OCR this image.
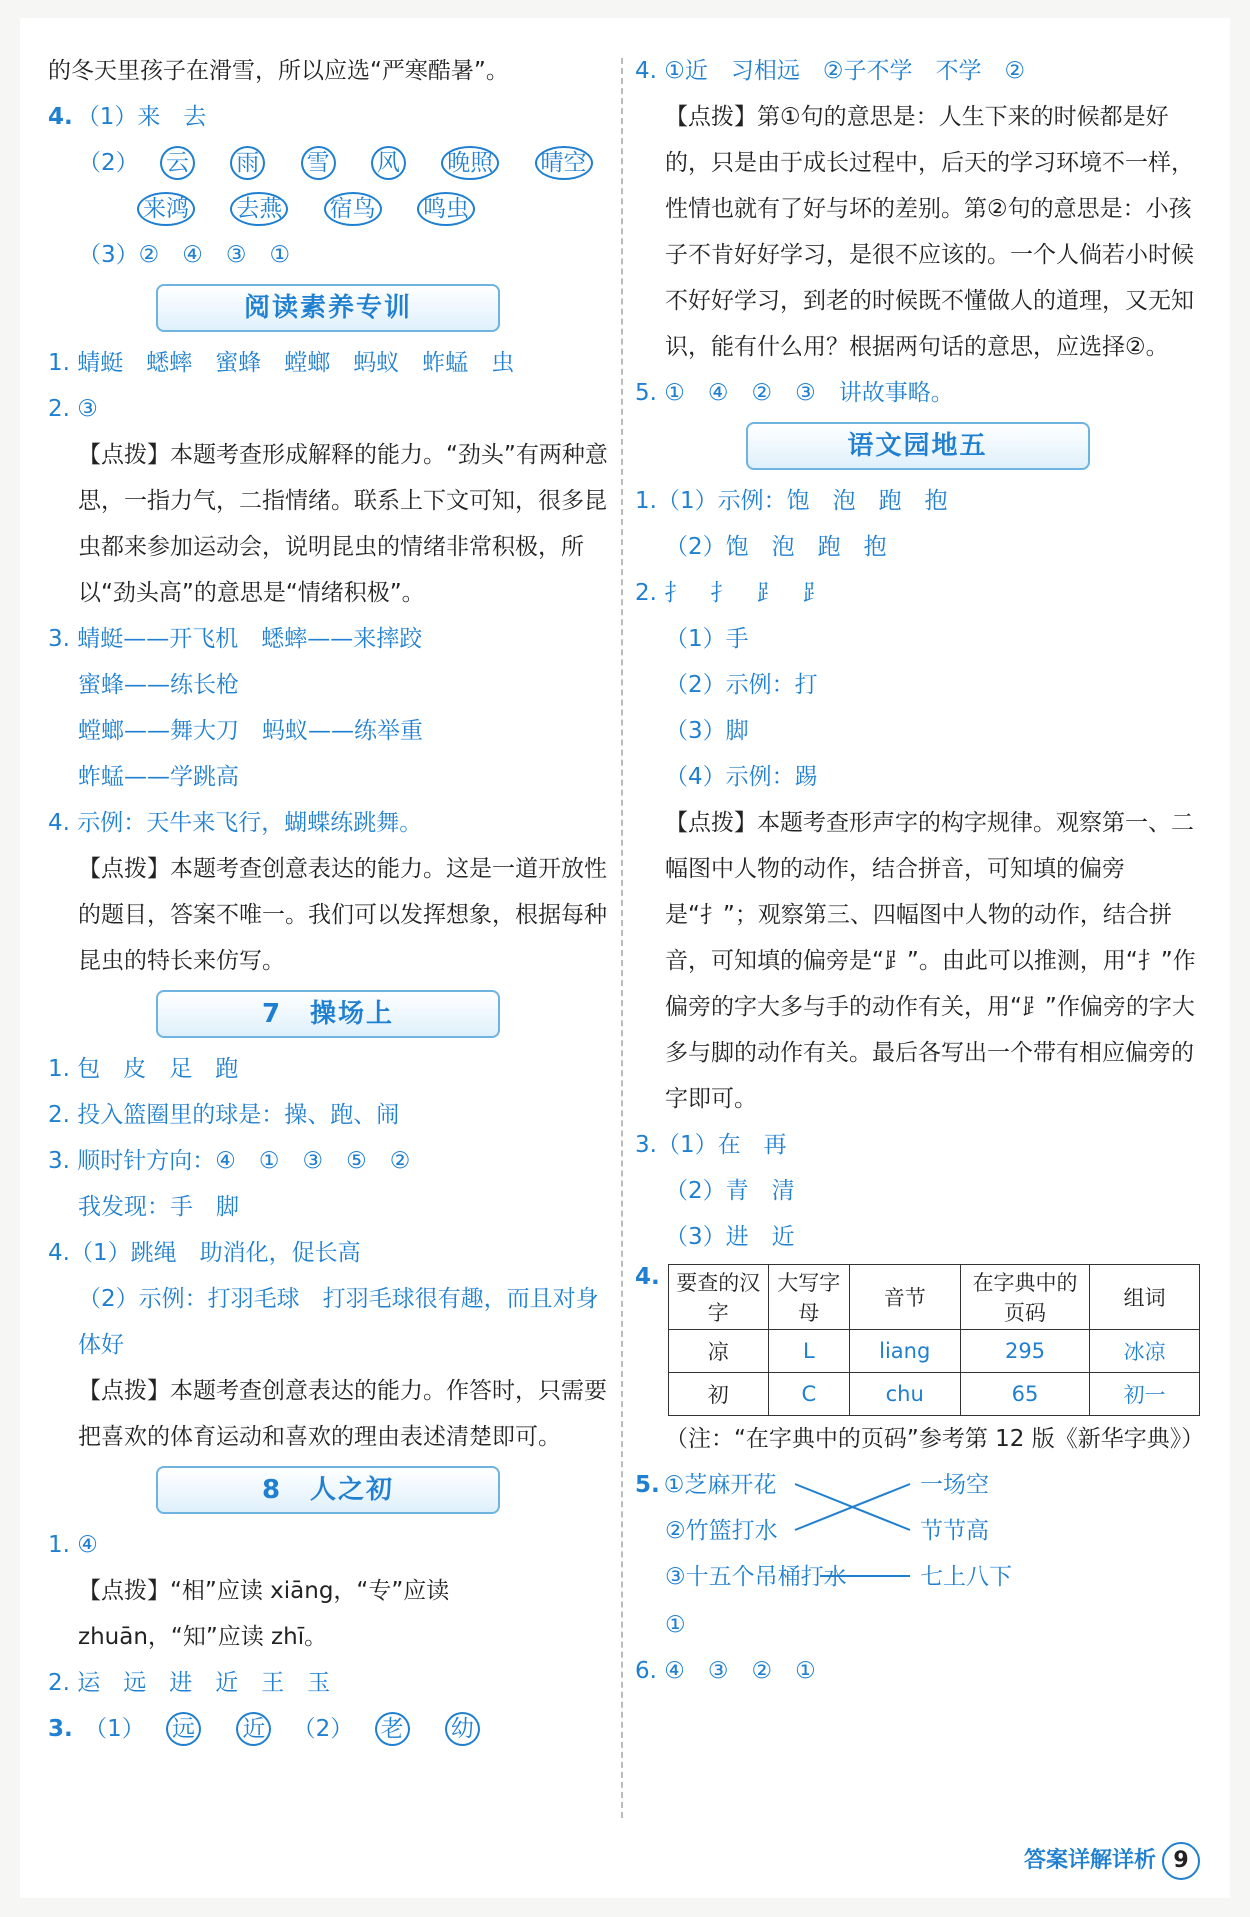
的冬天里孩子在滑雪，所以应选“严寒酷暑”。
4. （1）来　去
（2） 云 雨 雪 风 晚照 晴空
来鸿 去燕 宿鸟 鸣虫
（3）②　④　③　①
阅读素养专训
1. 蜻蜓　蟋蟀　蜜蜂　螳螂　蚂蚁　蚱蜢　虫
2. ③
【点拨】本题考查形成解释的能力。“劲头”有两种意思，一指力气，二指情绪。联系上下文可知，很多昆虫都来参加运动会，说明昆虫的情绪非常积极，所以“劲头高”的意思是“情绪积极”。
3. 蜻蜓——开飞机　蟋蟀——来摔跤
蜜蜂——练长枪
螳螂——舞大刀　蚂蚁——练举重
蚱蜢——学跳高
4. 示例：天牛来飞行，蝴蝶练跳舞。
【点拨】本题考查创意表达的能力。这是一道开放性的题目，答案不唯一。我们可以发挥想象，根据每种昆虫的特长来仿写。
7　操场上
1. 包　皮　足　跑
2. 投入篮圈里的球是：操、跑、闹
3. 顺时针方向：④　①　③　⑤　②
我发现：手　脚
4.（1）跳绳　助消化，促长高
（2）示例：打羽毛球　打羽毛球很有趣，而且对身体好
【点拨】本题考查创意表达的能力。作答时，只需要把喜欢的体育运动和喜欢的理由表述清楚即可。
8　人之初
1. ④
【点拨】“相”应读 xiāng，“专”应读 zhuān，“知”应读 zhī。
2. 运　远　进　近　王　玉
3. （1） 远 近 （2） 老 幼
4. ①近　习相远　②子不学　不学　②
【点拨】第①句的意思是：人生下来的时候都是好的，只是由于成长过程中，后天的学习环境不一样，性情也就有了好与坏的差别。第②句的意思是：小孩子不肯好好学习，是很不应该的。一个人倘若小时候不好好学习，到老的时候既不懂做人的道理，又无知识，能有什么用？根据两句话的意思，应选择②。
5. ①　④　②　③　讲故事略。
语文园地五
1.（1）示例：饱　泡　跑　抱
（2）饱　泡　跑　抱
2. 扌　扌　⻊　⻊
（1）手
（2）示例：打
（3）脚
（4）示例：踢
【点拨】本题考查形声字的构字规律。观察第一、二幅图中人物的动作，结合拼音，可知填的偏旁是“扌”；观察第三、四幅图中人物的动作，结合拼音，可知填的偏旁是“⻊”。由此可以推测，用“扌”作偏旁的字大多与手的动作有关，用“⻊”作偏旁的字大多与脚的动作有关。最后各写出一个带有相应偏旁的字即可。
3.（1）在　再
（2）青　清
（3）进　近
4. 要查的汉字	大写字母	音节	在字典中的页码	组词
凉	L	liang	295	冰凉
初	C	chu	65	初一
（注：“在字典中的页码”参考第 12 版《新华字典》）
5. ①芝麻开花
②竹篮打水
③十五个吊桶打水
一场空
节节高
七上八下
①
6. ④　③　②　①
答案详解详析 9
